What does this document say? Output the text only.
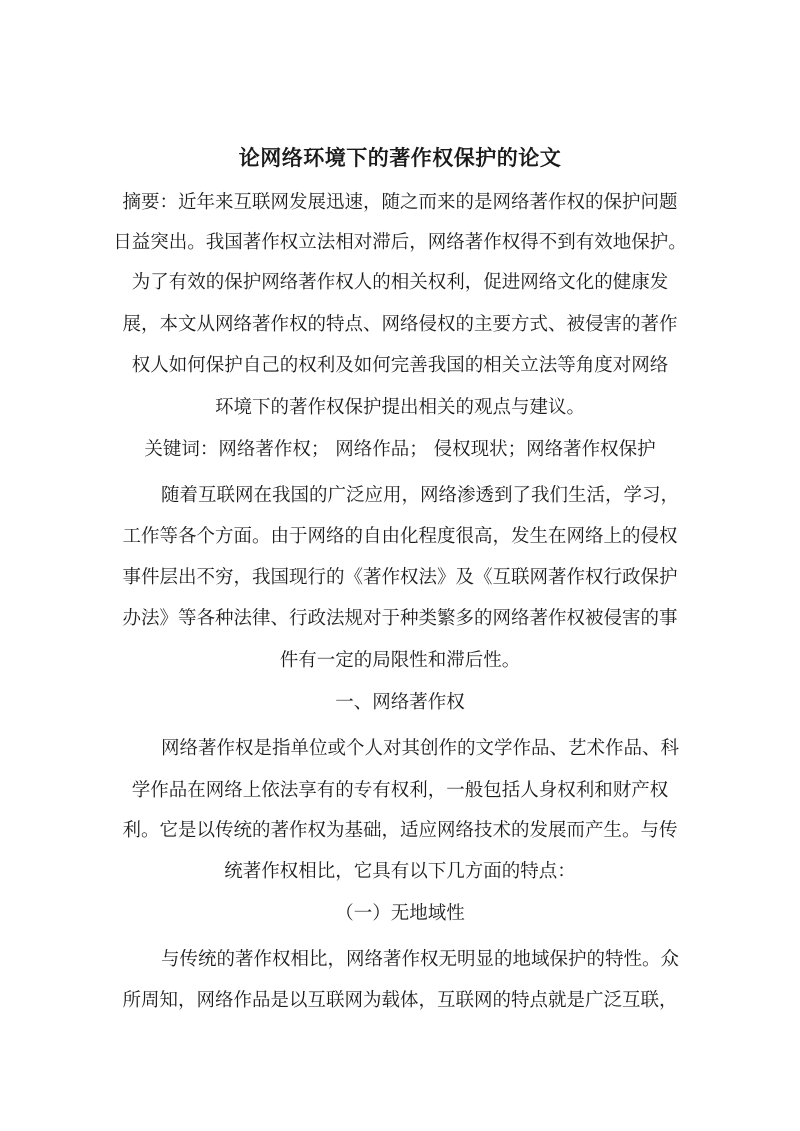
论网络环境下的著作权保护的论文

摘要：近年来互联网发展迅速，随之而来的是网络著作权的保护问题

日益突出。我国著作权立法相对滞后，网络著作权得不到有效地保护。

为了有效的保护网络著作权人的相关权利，促进网络文化的健康发

展，本文从网络著作权的特点、网络侵权的主要方式、被侵害的著作

权人如何保护自己的权利及如何完善我国的相关立法等角度对网络

环境下的著作权保护提出相关的观点与建议。

关键词：网络著作权； 网络作品； 侵权现状；网络著作权保护

随着互联网在我国的广泛应用，网络渗透到了我们生活，学习，

工作等各个方面。由于网络的自由化程度很高，发生在网络上的侵权

事件层出不穷，我国现行的《著作权法》及《互联网著作权行政保护

办法》等各种法律、行政法规对于种类繁多的网络著作权被侵害的事

件有一定的局限性和滞后性。

一、网络著作权

网络著作权是指单位或个人对其创作的文学作品、艺术作品、科

学作品在网络上依法享有的专有权利，一般包括人身权利和财产权

利。它是以传统的著作权为基础，适应网络技术的发展而产生。与传

统著作权相比，它具有以下几方面的特点：

（一）无地域性

与传统的著作权相比，网络著作权无明显的地域保护的特性。众

所周知，网络作品是以互联网为载体，互联网的特点就是广泛互联，
